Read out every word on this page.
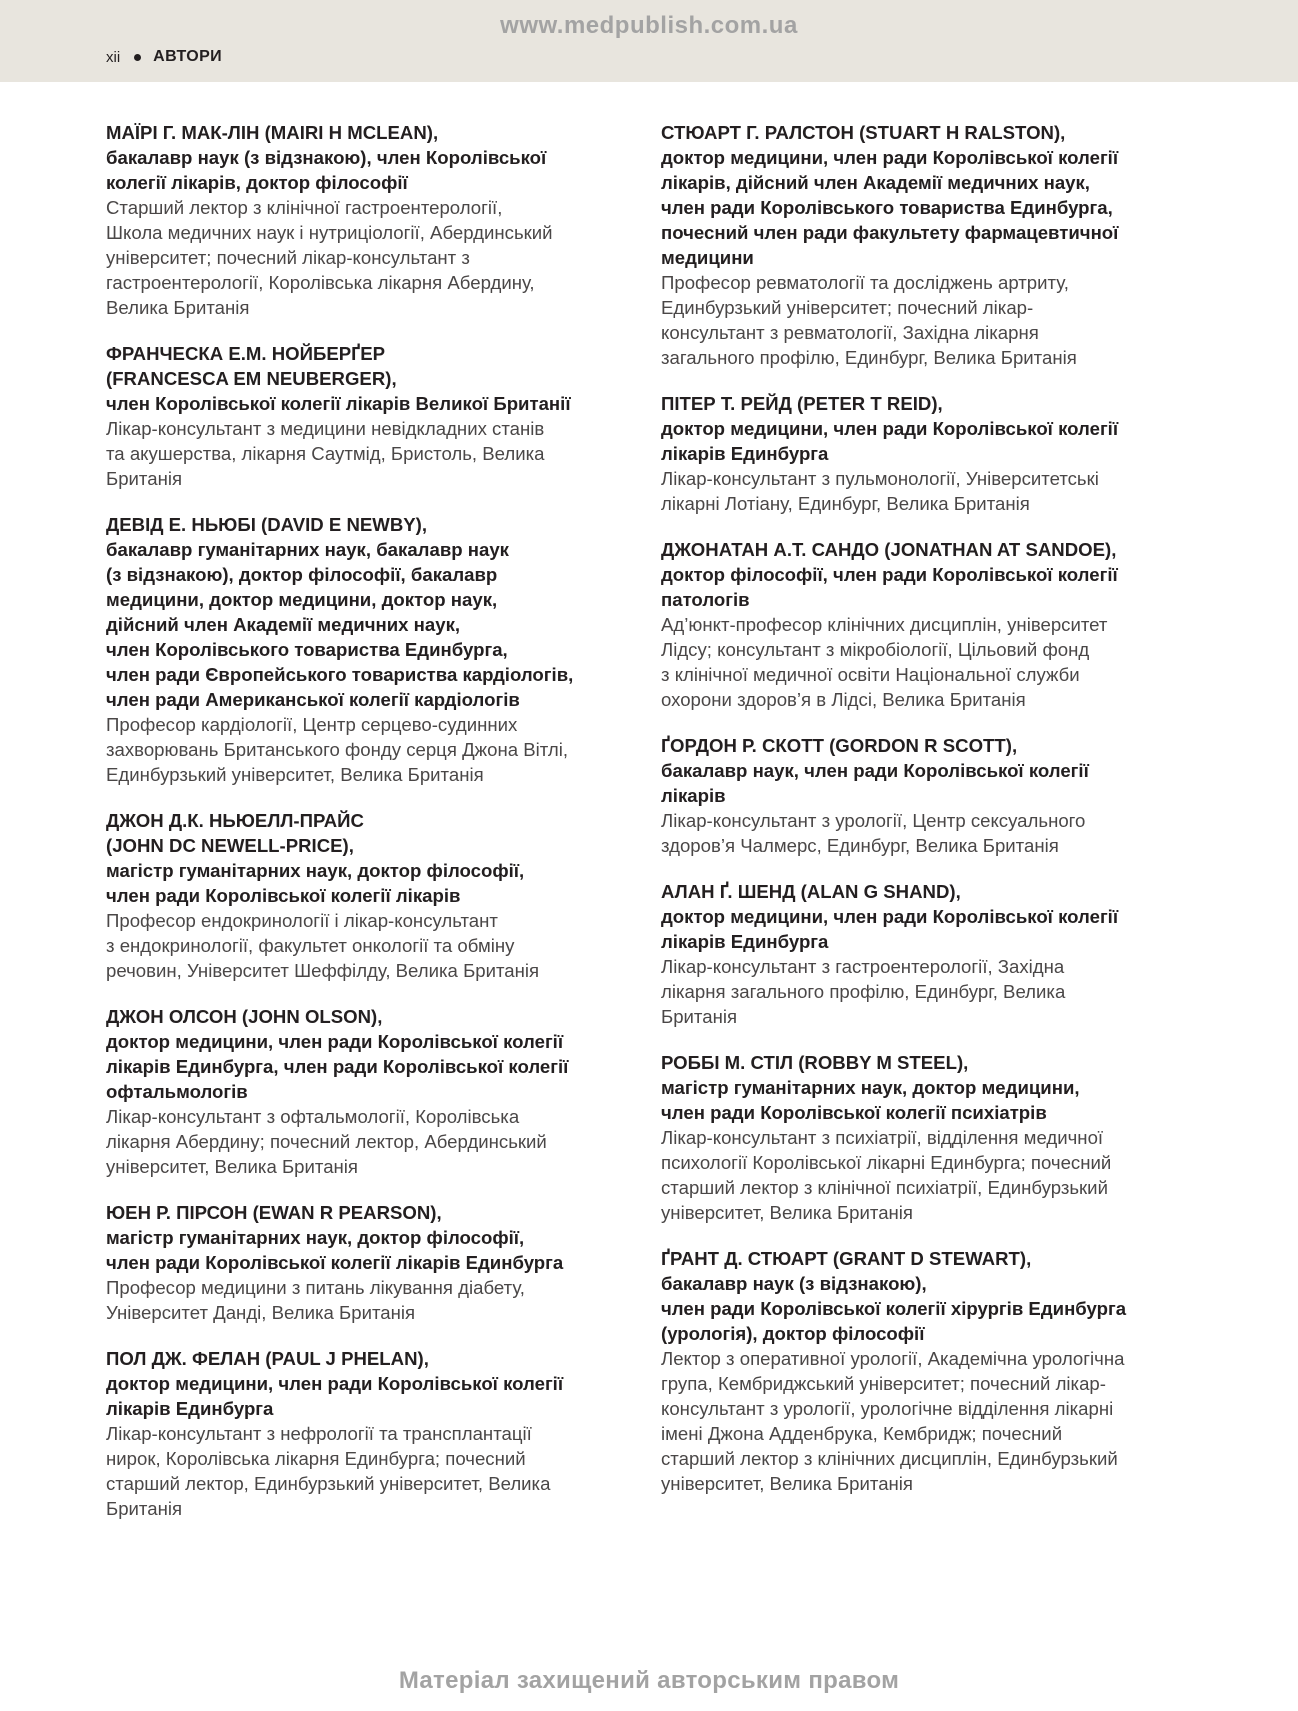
www.medpublish.com.ua
xii АВТОРИ
МАЇРІ Г. МАК-ЛІН (MAIRI H MCLEAN),
бакалавр наук (з відзнакою), член Королівської
колегії лікарів, доктор філософії
Старший лектор з клінічної гастроентерології,
Школа медичних наук і нутриціології, Абердинський
університет; почесний лікар-консультант з
гастроентерології, Королівська лікарня Абердину,
Велика Британія
ФРАНЧЕСКА Е.М. НОЙБЕРҐЕР
(FRANCESCA EM NEUBERGER),
член Королівської колегії лікарів Великої Британії
Лікар-консультант з медицини невідкладних станів
та акушерства, лікарня Саутмід, Бристоль, Велика
Британія
ДЕВІД Е. НЬЮБІ (DAVID E NEWBY),
бакалавр гуманітарних наук, бакалавр наук
(з відзнакою), доктор філософії, бакалавр
медицини, доктор медицини, доктор наук,
дійсний член Академії медичних наук,
член Королівського товариства Единбурга,
член ради Європейського товариства кардіологів,
член ради Американської колегії кардіологів
Професор кардіології, Центр серцево-судинних
захворювань Британського фонду серця Джона Вітлі,
Единбурзький університет, Велика Британія
ДЖОН Д.К. НЬЮЕЛЛ-ПРАЙС
(JOHN DC NEWELL-PRICE),
магістр гуманітарних наук, доктор філософії,
член ради Королівської колегії лікарів
Професор ендокринології і лікар-консультант
з ендокринології, факультет онкології та обміну
речовин, Університет Шеффілду, Велика Британія
ДЖОН ОЛСОН (JOHN OLSON),
доктор медицини, член ради Королівської колегії
лікарів Единбурга, член ради Королівської колегії
офтальмологів
Лікар-консультант з офтальмології, Королівська
лікарня Абердину; почесний лектор, Абердинський
університет, Велика Британія
ЮЕН Р. ПІРСОН (EWAN R PEARSON),
магістр гуманітарних наук, доктор філософії,
член ради Королівської колегії лікарів Единбурга
Професор медицини з питань лікування діабету,
Університет Данді, Велика Британія
ПОЛ ДЖ. ФЕЛАН (PAUL J PHELAN),
доктор медицини, член ради Королівської колегії
лікарів Единбурга
Лікар-консультант з нефрології та трансплантації
нирок, Королівська лікарня Единбурга; почесний
старший лектор, Единбурзький університет, Велика
Британія
СТЮАРТ Г. РАЛСТОН (STUART H RALSTON),
доктор медицини, член ради Королівської колегії
лікарів, дійсний член Академії медичних наук,
член ради Королівського товариства Единбурга,
почесний член ради факультету фармацевтичної
медицини
Професор ревматології та досліджень артриту,
Единбурзький університет; почесний лікар-
консультант з ревматології, Західна лікарня
загального профілю, Единбург, Велика Британія
ПІТЕР Т. РЕЙД (PETER T REID),
доктор медицини, член ради Королівської колегії
лікарів Единбурга
Лікар-консультант з пульмонології, Університетські
лікарні Лотіану, Единбург, Велика Британія
ДЖОНАТАН А.Т. САНДО (JONATHAN AT SANDOE),
доктор філософії, член ради Королівської колегії
патологів
Ад’юнкт-професор клінічних дисциплін, університет
Лідсу; консультант з мікробіології, Цільовий фонд
з клінічної медичної освіти Національної служби
охорони здоров’я в Лідсі, Велика Британія
ҐОРДОН Р. СКОТТ (GORDON R SCOTT),
бакалавр наук, член ради Королівської колегії
лікарів
Лікар-консультант з урології, Центр сексуального
здоров’я Чалмерс, Единбург, Велика Британія
АЛАН Ґ. ШЕНД (ALAN G SHAND),
доктор медицини, член ради Королівської колегії
лікарів Единбурга
Лікар-консультант з гастроентерології, Західна
лікарня загального профілю, Единбург, Велика
Британія
РОББІ М. СТІЛ (ROBBY M STEEL),
магістр гуманітарних наук, доктор медицини,
член ради Королівської колегії психіатрів
Лікар-консультант з психіатрії, відділення медичної
психології Королівської лікарні Единбурга; почесний
старший лектор з клінічної психіатрії, Единбурзький
університет, Велика Британія
ҐРАНТ Д. СТЮАРТ (GRANT D STEWART),
бакалавр наук (з відзнакою),
член ради Королівської колегії хірургів Единбурга
(урологія), доктор філософії
Лектор з оперативної урології, Академічна урологічна
група, Кембриджський університет; почесний лікар-
консультант з урології, урологічне відділення лікарні
імені Джона Адденбрука, Кембридж; почесний
старший лектор з клінічних дисциплін, Единбурзький
університет, Велика Британія
Матеріал захищений авторським правом
